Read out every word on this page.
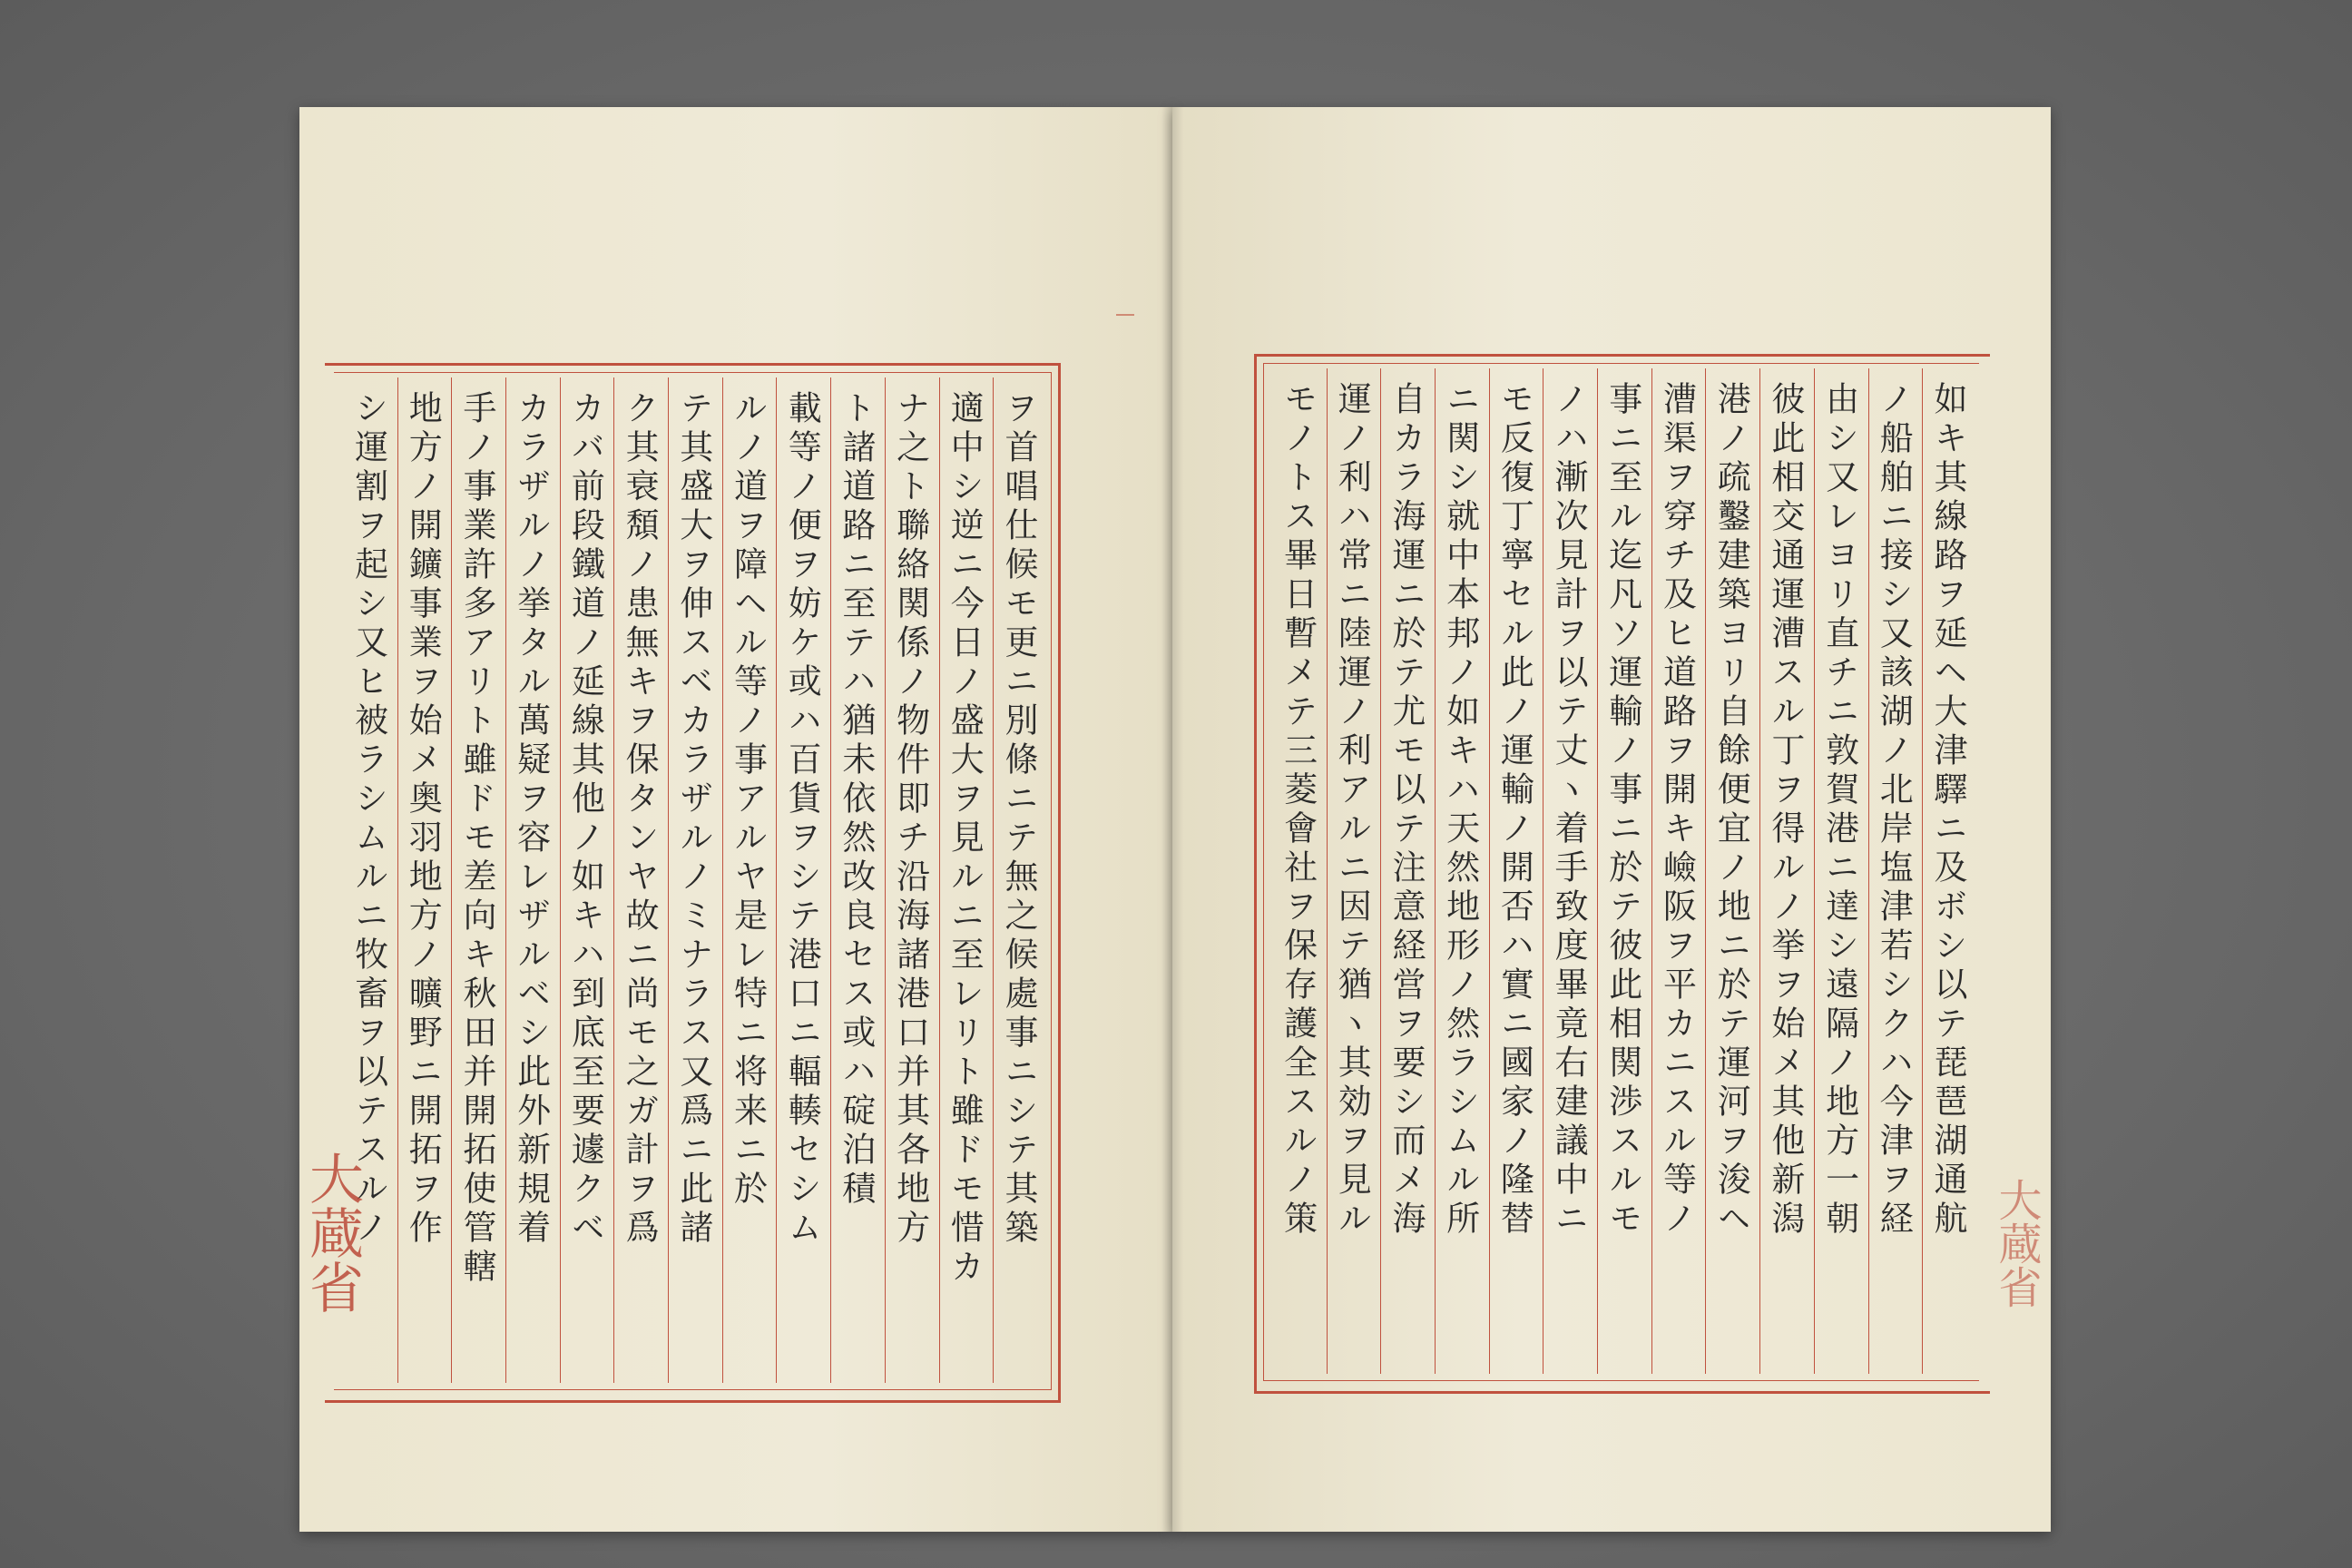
ヲ首唱仕候モ更ニ別條ニテ無之候處事ニシテ其築
適中シ逆ニ今日ノ盛大ヲ見ルニ至レリト雖ドモ惜カ
ナ之ト聯絡関係ノ物件即チ沿海諸港口并其各地方
ト諸道路ニ至テハ猶未依然改良セス或ハ碇泊積
載等ノ便ヲ妨ケ或ハ百貨ヲシテ港口ニ輻輳セシム
ルノ道ヲ障ヘル等ノ事アルヤ是レ特ニ将来ニ於
テ其盛大ヲ伸スベカラザルノミナラス又爲ニ此諸
ク其衰頽ノ患無キヲ保タンヤ故ニ尚モ之ガ計ヲ爲
カバ前段鐵道ノ延線其他ノ如キハ到底至要遽クベ
カラザルノ挙タル萬疑ヲ容レザルベシ此外新規着
手ノ事業許多アリト雖ドモ差向キ秋田并開拓使管轄
地方ノ開鑛事業ヲ始メ奥羽地方ノ曠野ニ開拓ヲ作
シ運割ヲ起シ又ヒ被ラシムルニ牧畜ヲ以テスルノ
大蔵省	如キ其線路ヲ延ヘ大津驛ニ及ボシ以テ琵琶湖通航
ノ船舶ニ接シ又該湖ノ北岸塩津若シクハ今津ヲ経
由シ又レヨリ直チニ敦賀港ニ達シ遠隔ノ地方一朝
彼此相交通運漕スル丁ヲ得ルノ挙ヲ始メ其他新潟
港ノ疏鑿建築ヨリ自餘便宜ノ地ニ於テ運河ヲ浚ヘ
漕渠ヲ穿チ及ヒ道路ヲ開キ嶮阪ヲ平カニスル等ノ
事ニ至ル迄凡ソ運輸ノ事ニ於テ彼此相関渉スルモ
ノハ漸次見計ヲ以テ丈ヽ着手致度畢竟右建議中ニ
モ反復丁寧セル此ノ運輸ノ開否ハ實ニ國家ノ隆替
ニ関シ就中本邦ノ如キハ天然地形ノ然ラシムル所
自カラ海運ニ於テ尤モ以テ注意経営ヲ要シ而メ海
運ノ利ハ常ニ陸運ノ利アルニ因テ猶ヽ其効ヲ見ル
モノトス畢日暫メテ三菱會社ヲ保存護全スルノ策
大蔵省
